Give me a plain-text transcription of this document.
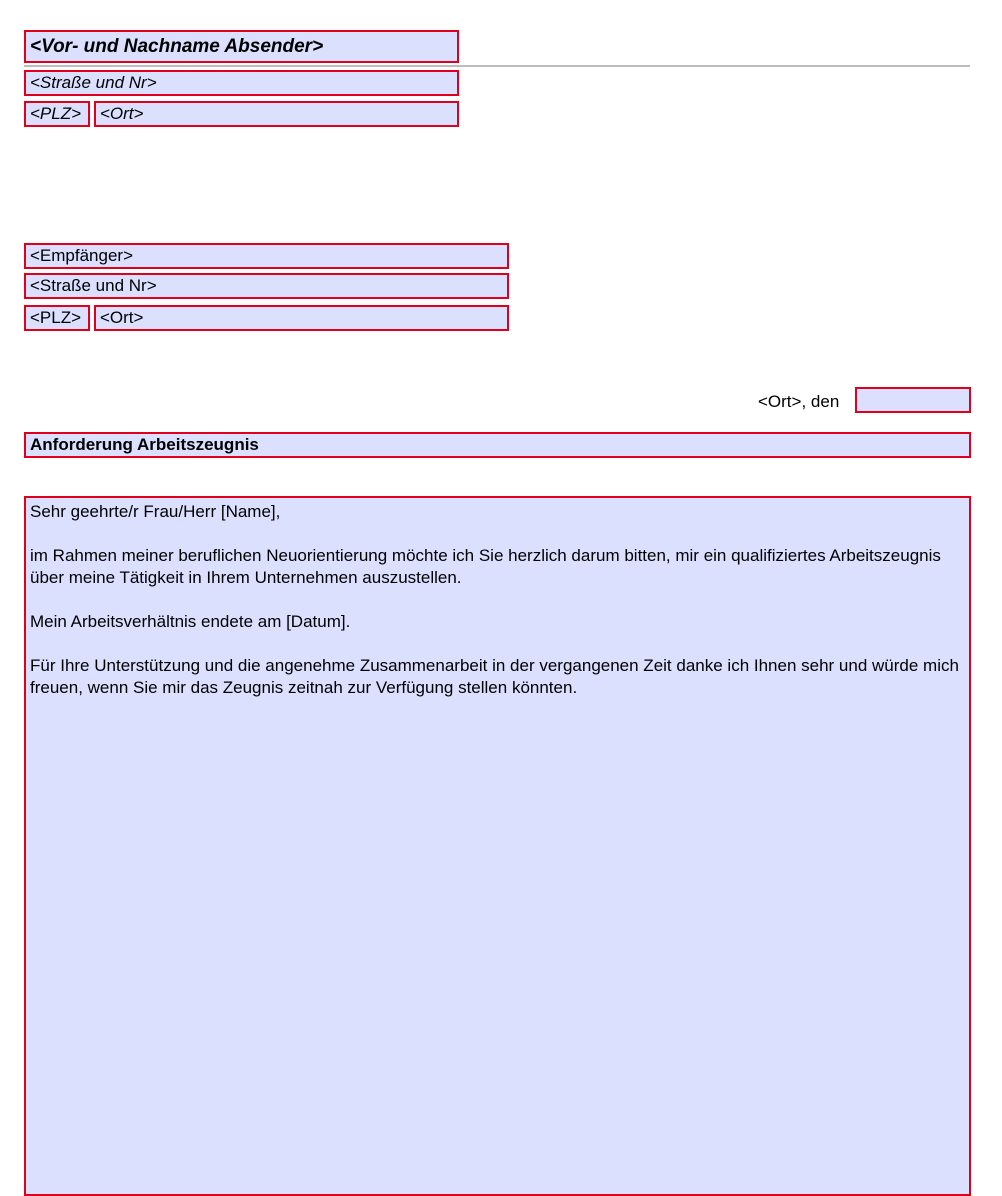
<Vor- und Nachname Absender>
<Straße und Nr>
<PLZ>	<Ort>
<Empfänger>
<Straße und Nr>
<PLZ>	<Ort>
<Ort>, den
Anforderung Arbeitszeugnis

Sehr geehrte/r Frau/Herr [Name],

im Rahmen meiner beruflichen Neuorientierung möchte ich Sie herzlich darum bitten, mir ein qualifiziertes Arbeitszeugnis über meine Tätigkeit in Ihrem Unternehmen auszustellen.

Mein Arbeitsverhältnis endete am [Datum].

Für Ihre Unterstützung und die angenehme Zusammenarbeit in der vergangenen Zeit danke ich Ihnen sehr und würde mich freuen, wenn Sie mir das Zeugnis zeitnah zur Verfügung stellen könnten.
